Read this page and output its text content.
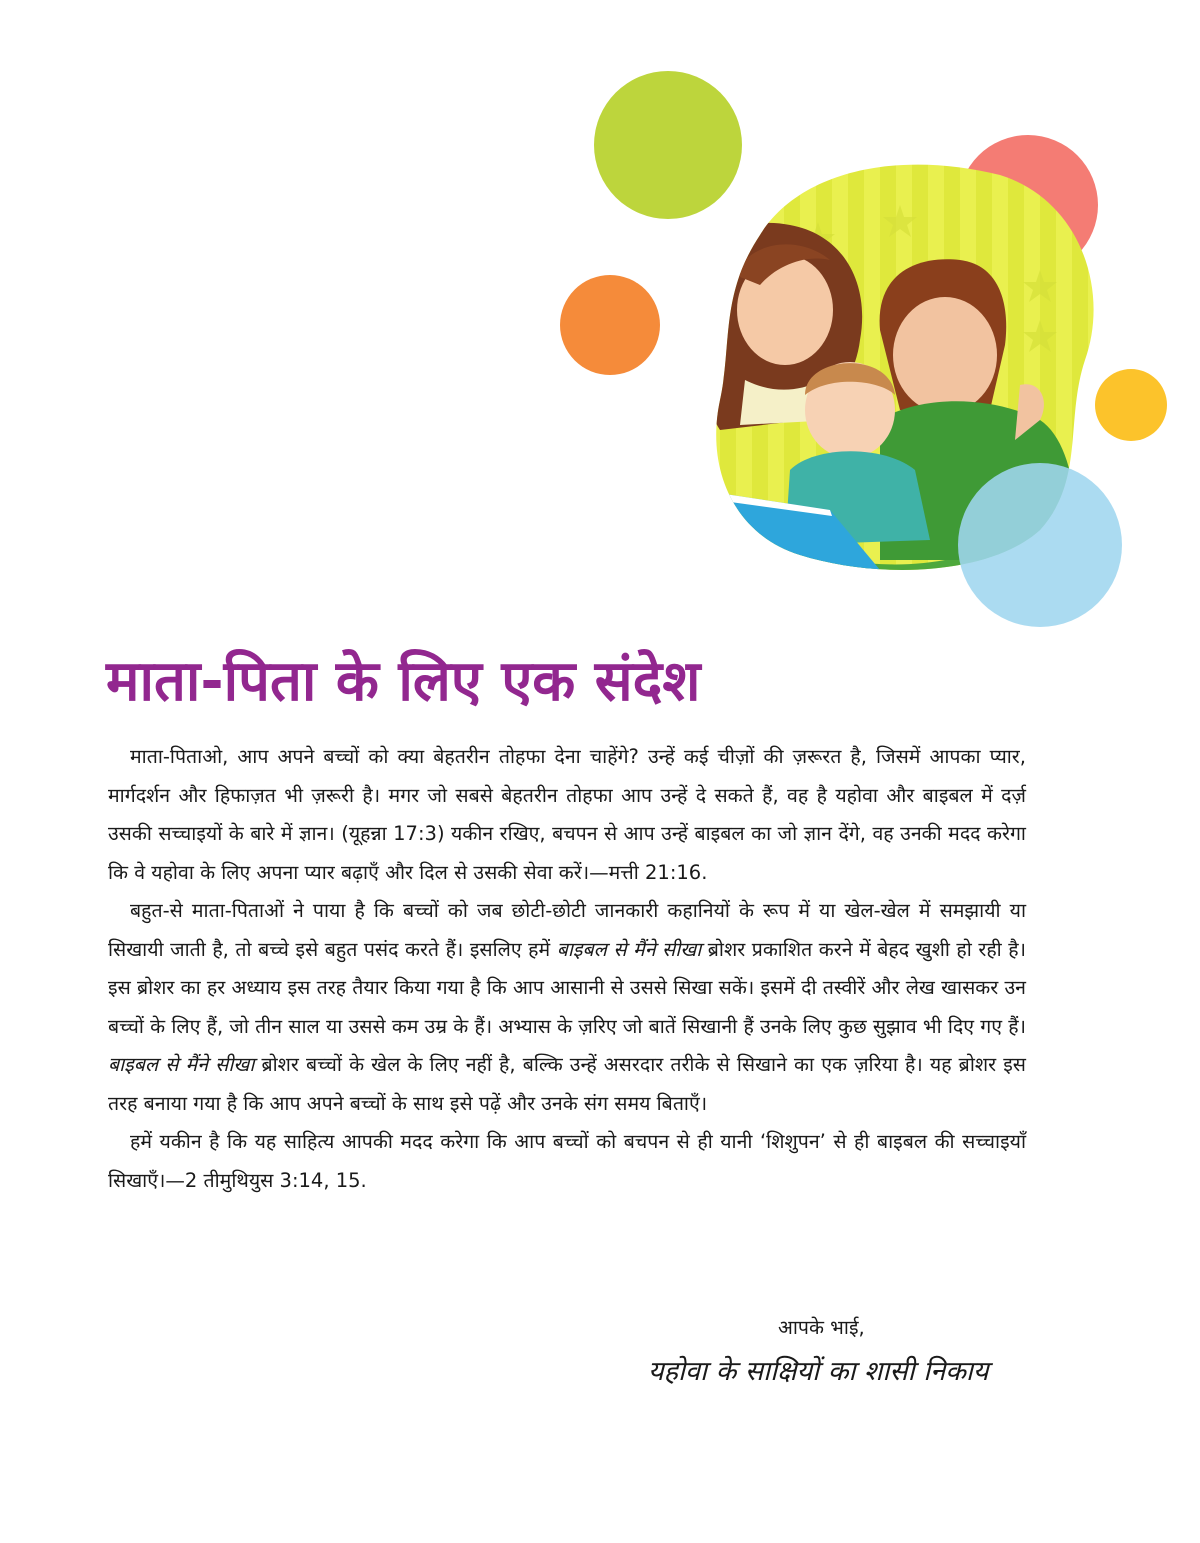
माता-पिता के लिए एक संदेश

माता-पिताओ, आप अपने बच्चों को क्या बेहतरीन तोहफा देना चाहेंगे? उन्हें कई चीज़ों की ज़रूरत है, जिसमें आपका प्यार, मार्गदर्शन और हिफाज़त भी ज़रूरी है। मगर जो सबसे बेहतरीन तोहफा आप उन्हें दे सकते हैं, वह है यहोवा और बाइबल में दर्ज़ उसकी सच्चाइयों के बारे में ज्ञान। (यूहन्ना 17:3) यकीन रखिए, बचपन से आप उन्हें बाइबल का जो ज्ञान देंगे, वह उनकी मदद करेगा कि वे यहोवा के लिए अपना प्यार बढ़ाएँ और दिल से उसकी सेवा करें।—मत्ती 21:16.

बहुत-से माता-पिताओं ने पाया है कि बच्चों को जब छोटी-छोटी जानकारी कहानियों के रूप में या खेल-खेल में समझायी या सिखायी जाती है, तो बच्चे इसे बहुत पसंद करते हैं। इसलिए हमें बाइबल से मैंने सीखा ब्रोशर प्रकाशित करने में बेहद खुशी हो रही है। इस ब्रोशर का हर अध्याय इस तरह तैयार किया गया है कि आप आसानी से उससे सिखा सकें। इसमें दी तस्वीरें और लेख खासकर उन बच्चों के लिए हैं, जो तीन साल या उससे कम उम्र के हैं। अभ्यास के ज़रिए जो बातें सिखानी हैं उनके लिए कुछ सुझाव भी दिए गए हैं। बाइबल से मैंने सीखा ब्रोशर बच्चों के खेल के लिए नहीं है, बल्कि उन्हें असरदार तरीके से सिखाने का एक ज़रिया है। यह ब्रोशर इस तरह बनाया गया है कि आप अपने बच्चों के साथ इसे पढ़ें और उनके संग समय बिताएँ।

हमें यकीन है कि यह साहित्य आपकी मदद करेगा कि आप बच्चों को बचपन से ही यानी ‘शिशुपन’ से ही बाइबल की सच्चाइयाँ सिखाएँ।—2 तीमुथियुस 3:14, 15.

आपके भाई,
यहोवा के साक्षियों का शासी निकाय
